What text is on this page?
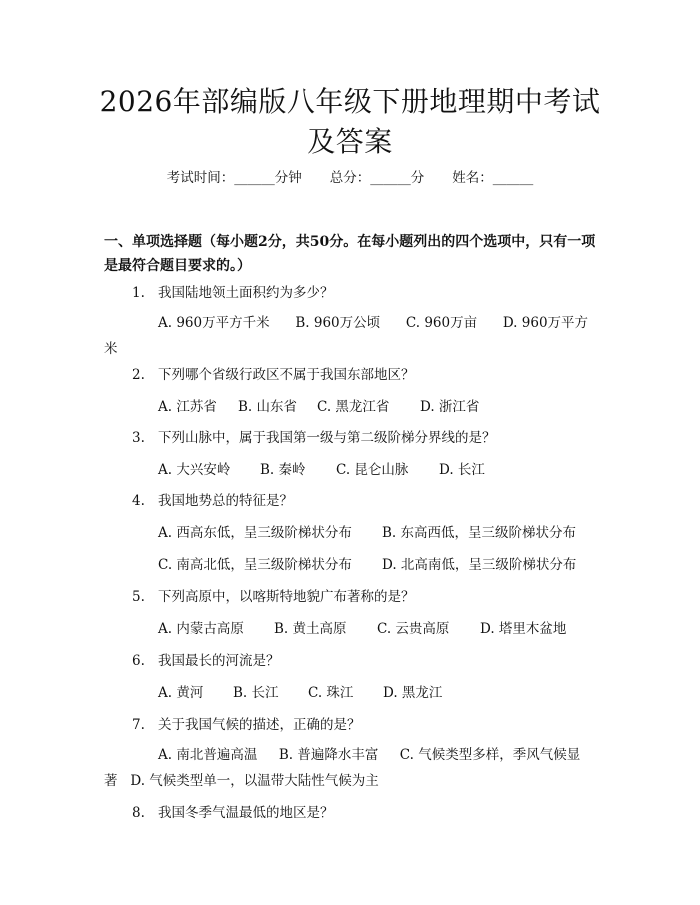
2026年部编版八年级下册地理期中考试及答案
考试时间：______分钟 总分：______分 姓名：______
一、单项选择题（每小题2分，共50分。在每小题列出的四个选项中，只有一项是最符合题目要求的。）
1. 我国陆地领土面积约为多少？
A. 960万平方千米 B. 960万公顷 C. 960万亩 D. 960万平方米
2. 下列哪个省级行政区不属于我国东部地区？
A. 江苏省 B. 山东省 C. 黑龙江省 D. 浙江省
3. 下列山脉中，属于我国第一级与第二级阶梯分界线的是？
A. 大兴安岭 B. 秦岭 C. 昆仑山脉 D. 长江
4. 我国地势总的特征是？
A. 西高东低，呈三级阶梯状分布 B. 东高西低，呈三级阶梯状分布
C. 南高北低，呈三级阶梯状分布 D. 北高南低，呈三级阶梯状分布
5. 下列高原中，以喀斯特地貌广布著称的是？
A. 内蒙古高原 B. 黄土高原 C. 云贵高原 D. 塔里木盆地
6. 我国最长的河流是？
A. 黄河 B. 长江 C. 珠江 D. 黑龙江
7. 关于我国气候的描述，正确的是？
A. 南北普遍高温 B. 普遍降水丰富 C. 气候类型多样，季风气候显著 D. 气候类型单一，以温带大陆性气候为主
8. 我国冬季气温最低的地区是？
